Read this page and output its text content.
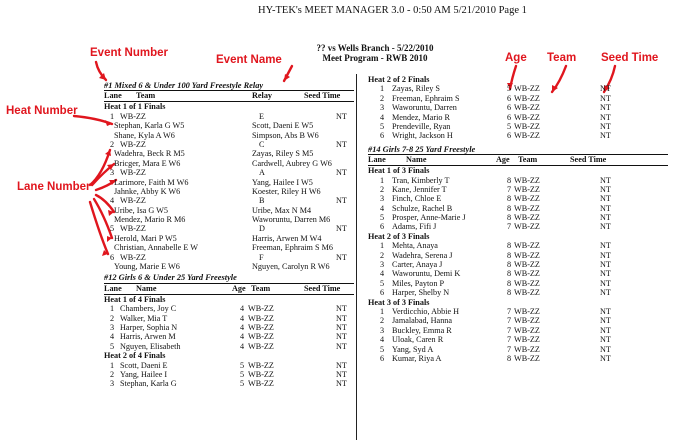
HY-TEK's MEET MANAGER 3.0 - 0:50 AM 5/21/2010 Page 1
?? vs Wells Branch - 5/22/2010
Meet Program - RWB 2010
Event Number
Event Name	Age Team Seed Time
Heat Number
Lane Number
#1 Mixed 6 & Under 100 Yard Freestyle Relay
Lane Team	Relay	Seed Time
Heat 1 of 1 Finals
1 WB-ZZ	E	NT
Stephan, Karla G W5	Scott, Daeni E W5
Shane, Kyla A W6	Simpson, Abs B W6
2 WB-ZZ	C	NT
Wadehra, Beck R M5	Zayas, Riley S M5
Bricger, Mara E W6	Cardwell, Aubrey G W6
3 WB-ZZ	A	NT
Larimore, Faith M W6	Yang, Hailee I W5
Jahnke, Abby K W6	Koester, Riley H W6
4 WB-ZZ	B	NT
Uribe, Isa G W5	Uribe, Max N M4
Mendez, Mario R M6	Waworuntu, Darren M6
5 WB-ZZ	D	NT
Herold, Mari P W5	Harris, Arwen M W4
Christian, Annabelle E W	Freeman, Ephraim S M6
6 WB-ZZ	F	NT
Young, Marie E W6	Nguyen, Carolyn R W6
#12 Girls 6 & Under 25 Yard Freestyle
Lane Name	Age Team	Seed Time
Heat 1 of 4 Finals
1 Chambers, Joy C	4 WB-ZZ	NT
2 Walker, Mia T	4 WB-ZZ	NT
3 Harper, Sophia N	4 WB-ZZ	NT
4 Harris, Arwen M	4 WB-ZZ	NT
5 Nguyen, Elisabeth	4 WB-ZZ	NT
Heat 2 of 4 Finals
1 Scott, Daeni E	5 WB-ZZ	NT
2 Yang, Hailee I	5 WB-ZZ	NT
3 Stephan, Karla G	5 WB-ZZ	NT
Heat 2 of 2 Finals
1 Zayas, Riley S	5 WB-ZZ	NT
2 Freeman, Ephraim S	6 WB-ZZ	NT
3 Waworuntu, Darren	6 WB-ZZ	NT
4 Mendez, Mario R	6 WB-ZZ	NT
5 Prendeville, Ryan	5 WB-ZZ	NT
6 Wright, Jackson H	6 WB-ZZ	NT
#14 Girls 7-8 25 Yard Freestyle
Lane Name	Age Team	Seed Time
Heat 1 of 3 Finals
1 Tran, Kimberly T	8 WB-ZZ	NT
2 Kane, Jennifer T	7 WB-ZZ	NT
3 Finch, Chloe E	8 WB-ZZ	NT
4 Schulze, Rachel B	8 WB-ZZ	NT
5 Prosper, Anne-Marie J	8 WB-ZZ	NT
6 Adams, Fifi J	7 WB-ZZ	NT
Heat 2 of 3 Finals
1 Mehta, Anaya	8 WB-ZZ	NT
2 Wadehra, Serena J	8 WB-ZZ	NT
3 Carter, Anaya J	8 WB-ZZ	NT
4 Waworuntu, Demi K	8 WB-ZZ	NT
5 Miles, Payton P	8 WB-ZZ	NT
6 Harper, Shelby N	8 WB-ZZ	NT
Heat 3 of 3 Finals
1 Verdicchio, Abbie H	7 WB-ZZ	NT
2 Jamalabad, Hanna	7 WB-ZZ	NT
3 Buckley, Emma R	7 WB-ZZ	NT
4 Uloak, Caren R	7 WB-ZZ	NT
5 Yang, Syd A	7 WB-ZZ	NT
6 Kumar, Riya A	8 WB-ZZ	NT
